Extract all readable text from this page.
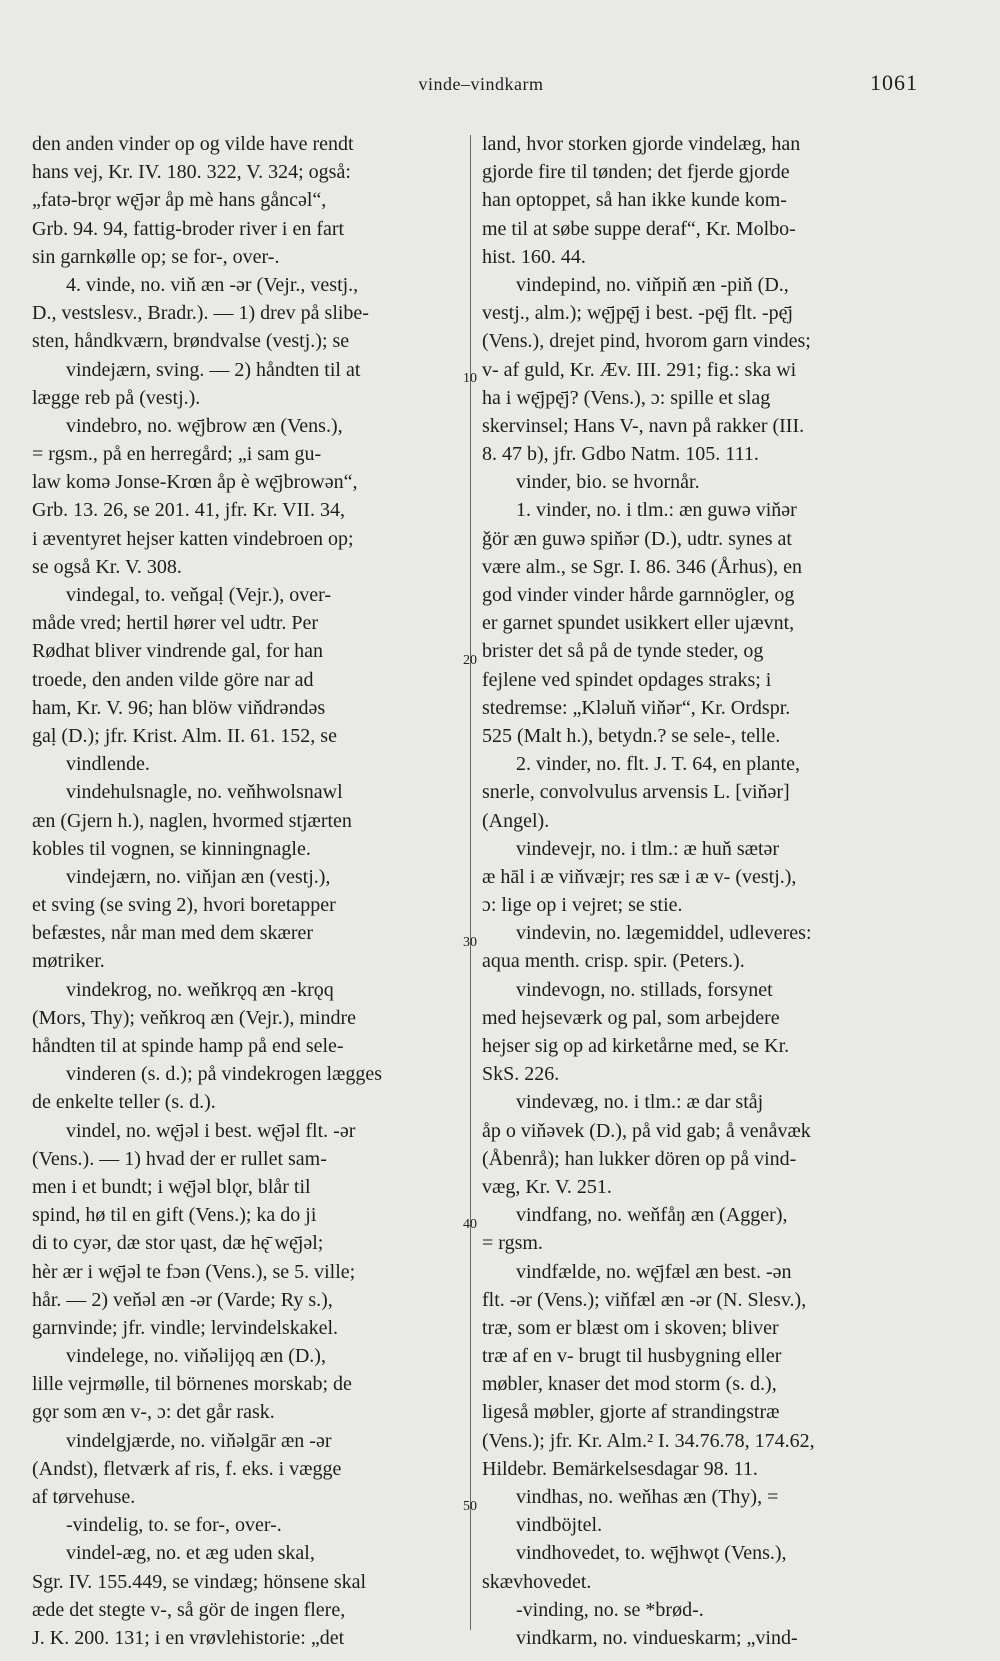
vinde–vindkarm	1061
den anden vinder op og vilde have rendt
hans vej, Kr. IV. 180. 322, V. 324; også:
„fatə-brǫr wę̄jər åp mè hans gåncəl“,
Grb. 94. 94, fattig-broder river i en fart
sin garnkølle op; se for-, over-.
4. vinde, no. viň æn -ər (Vejr., vestj.,
D., vestslesv., Bradr.). — 1) drev på slibe-
sten, håndkværn, brøndvalse (vestj.); se
vindejærn, sving. — 2) håndten til at
lægge reb på (vestj.).
vindebro, no. wę̄jbrow æn (Vens.),
= rgsm., på en herregård; „i sam gu-
law komə Jonse-Krœn åp è wę̄jbrowən“,
Grb. 13. 26, se 201. 41, jfr. Kr. VII. 34,
i æventyret hejser katten vindebroen op;
se også Kr. V. 308.
vindegal, to. veňgaḷ (Vejr.), over-
måde vred; hertil hører vel udtr. Per
Rødhat bliver vindrende gal, for han
troede, den anden vilde göre nar ad
ham, Kr. V. 96; han blöw viňdrəndəs
gaḷ (D.); jfr. Krist. Alm. II. 61. 152, se
vindlende.
vindehulsnagle, no. veňhwolsnawl
æn (Gjern h.), naglen, hvormed stjærten
kobles til vognen, se kinningnagle.
vindejærn, no. viňjan æn (vestj.),
et sving (se sving 2), hvori boretapper
befæstes, når man med dem skærer
møtriker.
vindekrog, no. weňkrǫq æn -krǫq
(Mors, Thy); veňkroq æn (Vejr.), mindre
håndten til at spinde hamp på end sele-
vinderen (s. d.); på vindekrogen lægges
de enkelte teller (s. d.).
vindel, no. wę̄jəl i best. wę̄jəl flt. -ər
(Vens.). — 1) hvad der er rullet sam-
men i et bundt; i wę̄jəl blǫr, blår til
spind, hø til en gift (Vens.); ka do ji
di to cyər, dæ stor ųast, dæ hę̄ wę̄jəl;
hèr ær i wę̄jəl te fɔən (Vens.), se 5. ville;
hår. — 2) veňəl æn -ər (Varde; Ry s.),
garnvinde; jfr. vindle; lervindelskakel.
vindelege, no. viňəlijǫq æn (D.),
lille vejrmølle, til börnenes morskab; de
gǫr som æn v-, ɔ: det går rask.
vindelgjærde, no. viňəlgār æn -ər
(Andst), fletværk af ris, f. eks. i vægge
af tørvehuse.
-vindelig, to. se for-, over-.
vindel-æg, no. et æg uden skal,
Sgr. IV. 155.449, se vindæg; hönsene skal
æde det stegte v-, så gör de ingen flere,
J. K. 200. 131; i en vrøvlehistorie: „det
land, hvor storken gjorde vindelæg, han
gjorde fire til tønden; det fjerde gjorde
han optoppet, så han ikke kunde kom-
me til at søbe suppe deraf“, Kr. Molbo-
hist. 160. 44.
vindepind, no. viňpiň æn -piň (D.,
vestj., alm.); wę̄jpę̄j i best. -pę̄j flt. -pę̄j
(Vens.), drejet pind, hvorom garn vindes;
v- af guld, Kr. Æv. III. 291; fig.: ska wi
ha i wę̄jpę̄j? (Vens.), ɔ: spille et slag
skervinsel; Hans V-, navn på rakker (III.
8. 47 b), jfr. Gdbo Natm. 105. 111.
vinder, bio. se hvornår.
1. vinder, no. i tlm.: æn guwə viňər
ǧör æn guwə spiňər (D.), udtr. synes at
være alm., se Sgr. I. 86. 346 (Århus), en
god vinder vinder hårde garnnögler, og
er garnet spundet usikkert eller ujævnt,
brister det så på de tynde steder, og
fejlene ved spindet opdages straks; i
stedremse: „Kləluň viňər“, Kr. Ordspr.
525 (Malt h.), betydn.? se sele-, telle.
2. vinder, no. flt. J. T. 64, en plante,
snerle, convolvulus arvensis L. [viňər]
(Angel).
vindevejr, no. i tlm.: æ huň sætər
æ hāl i æ viňvæjr; res sæ i æ v- (vestj.),
ɔ: lige op i vejret; se stie.
vindevin, no. lægemiddel, udleveres:
aqua menth. crisp. spir. (Peters.).
vindevogn, no. stillads, forsynet
med hejseværk og pal, som arbejdere
hejser sig op ad kirketårne med, se Kr.
SkS. 226.
vindevæg, no. i tlm.: æ dar ståj
åp o viňəvek (D.), på vid gab; å venåvæk
(Åbenrå); han lukker dören op på vind-
væg, Kr. V. 251.
vindfang, no. weňfåŋ æn (Agger),
= rgsm.
vindfælde, no. wę̄jfæl æn best. -ən
flt. -ər (Vens.); viňfæl æn -ər (N. Slesv.),
træ, som er blæst om i skoven; bliver
træ af en v- brugt til husbygning eller
møbler, knaser det mod storm (s. d.),
ligeså møbler, gjorte af strandingstræ
(Vens.); jfr. Kr. Alm.² I. 34.76.78, 174.62,
Hildebr. Bemärkelsesdagar 98. 11.
vindhas, no. weňhas æn (Thy), =
vindböjtel.
vindhovedet, to. wę̄jhwǫt (Vens.),
skævhovedet.
-vinding, no. se *brød-.
vindkarm, no. vindueskarm; „vind-
10
20
30
40
50
